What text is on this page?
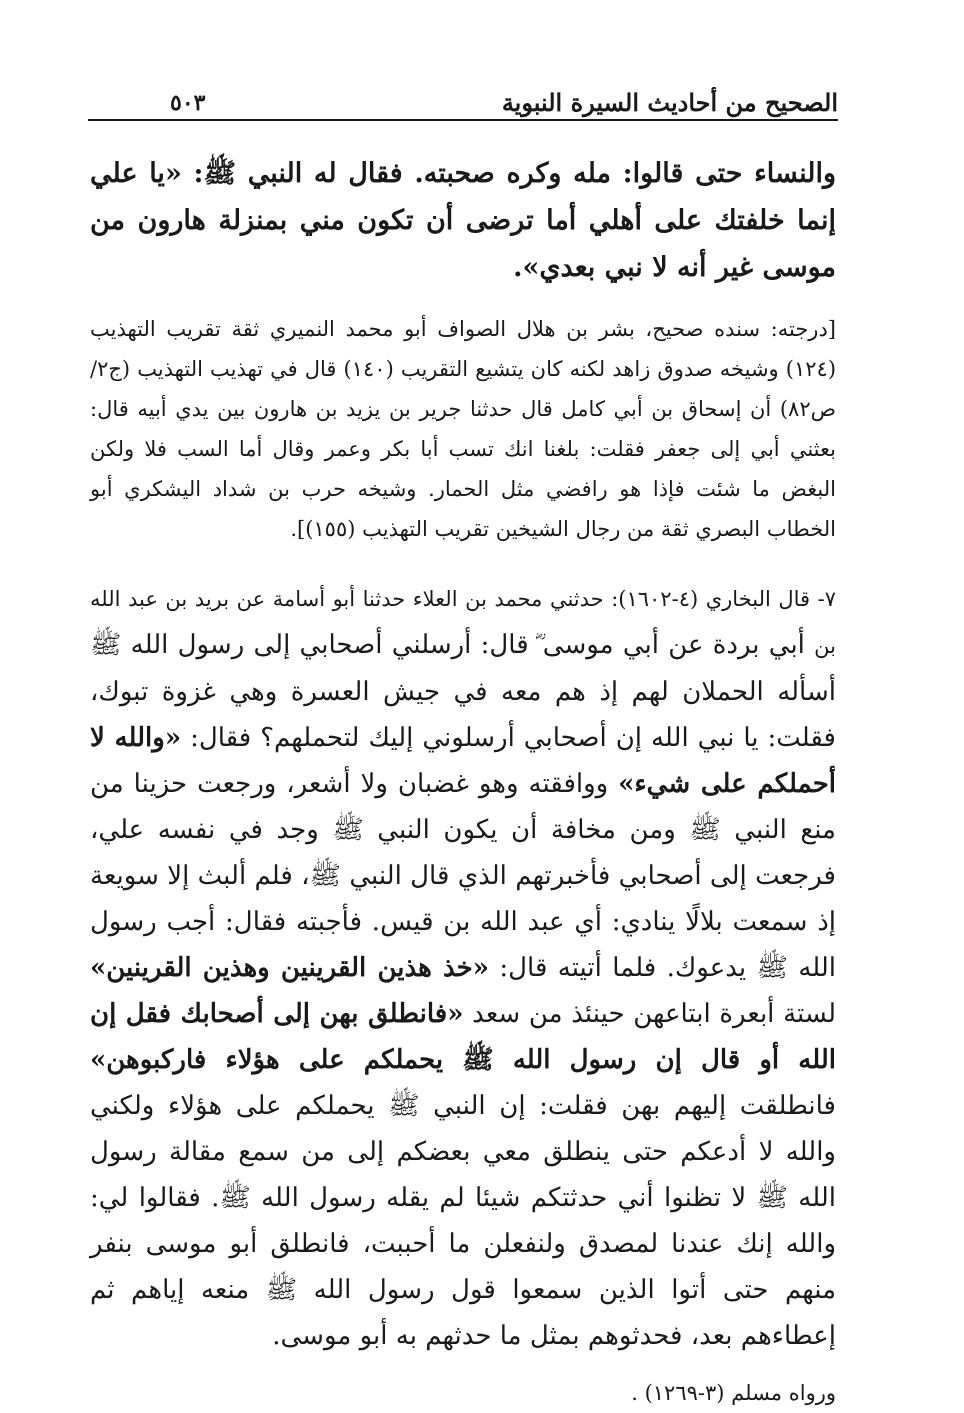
الصحيح من أحاديث السيرة النبوية
٥٠٣

والنساء حتى قالوا: مله وكره صحبته. فقال له النبي ﷺ: «يا علي إنما خلفتك على أهلي أما ترضى أن تكون مني بمنزلة هارون من موسى غير أنه لا نبي بعدي».

[درجته: سنده صحيح، بشر بن هلال الصواف أبو محمد النميري ثقة تقريب التهذيب (١٢٤) وشيخه صدوق زاهد لكنه كان يتشيع التقريب (١٤٠) قال في تهذيب التهذيب (ج٢/ص٨٢) أن إسحاق بن أبي كامل قال حدثنا جرير بن يزيد بن هارون بين يدي أبيه قال: بعثني أبي إلى جعفر فقلت: بلغنا انك تسب أبا بكر وعمر وقال أما السب فلا ولكن البغض ما شئت فإذا هو رافضي مثل الحمار. وشيخه حرب بن شداد اليشكري أبو الخطاب البصري ثقة من رجال الشيخين تقريب التهذيب (١٥٥)].

٧- قال البخاري (٤-١٦٠٢): حدثني محمد بن العلاء حدثنا أبو أسامة عن بريد بن عبد الله بن أبي بردة عن أبي موسى ؓ قال: أرسلني أصحابي إلى رسول الله ﷺ أسأله الحملان لهم إذ هم معه في جيش العسرة وهي غزوة تبوك، فقلت: يا نبي الله إن أصحابي أرسلوني إليك لتحملهم؟ فقال: «والله لا أحملكم على شيء» ووافقته وهو غضبان ولا أشعر، ورجعت حزينا من منع النبي ﷺ ومن مخافة أن يكون النبي ﷺ وجد في نفسه علي، فرجعت إلى أصحابي فأخبرتهم الذي قال النبي ﷺ، فلم ألبث إلا سويعة إذ سمعت بلالًا ينادي: أي عبد الله بن قيس. فأجبته فقال: أجب رسول الله ﷺ يدعوك. فلما أتيته قال: «خذ هذين القرينين وهذين القرينين» لستة أبعرة ابتاعهن حينئذ من سعد «فانطلق بهن إلى أصحابك فقل إن الله أو قال إن رسول الله ﷺ يحملكم على هؤلاء فاركبوهن» فانطلقت إليهم بهن فقلت: إن النبي ﷺ يحملكم على هؤلاء ولكني والله لا أدعكم حتى ينطلق معي بعضكم إلى من سمع مقالة رسول الله ﷺ لا تظنوا أني حدثتكم شيئا لم يقله رسول الله ﷺ. فقالوا لي: والله إنك عندنا لمصدق ولنفعلن ما أحببت، فانطلق أبو موسى بنفر منهم حتى أتوا الذين سمعوا قول رسول الله ﷺ منعه إياهم ثم إعطاءهم بعد، فحدثوهم بمثل ما حدثهم به أبو موسى.

ورواه مسلم (٣-١٢٦٩) .
